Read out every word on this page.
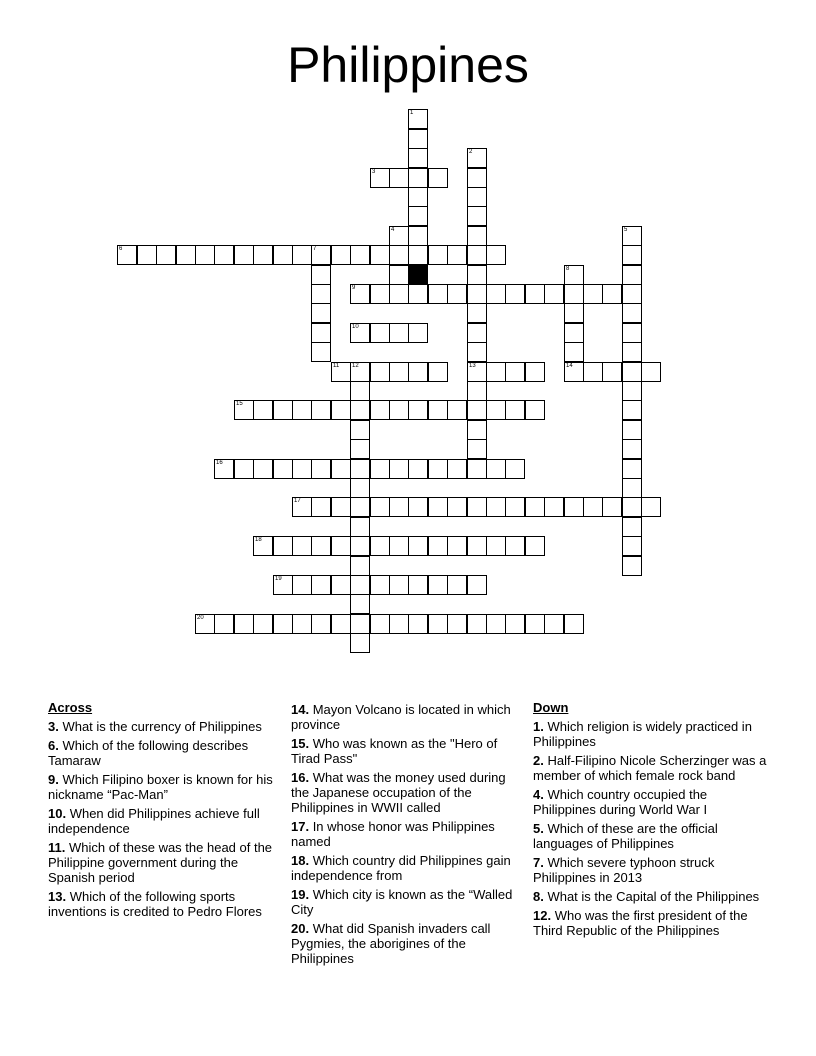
Philippines
3
6	7
9
10
11 12	13	14
15
16
17
18
19
20
1
2
4	5
8
Across
3. What is the currency of Philippines
6. Which of the following describes Tamaraw
9. Which Filipino boxer is known for his nickname “Pac-Man”
10. When did Philippines achieve full independence
11. Which of these was the head of the Philippine government during the Spanish period
13. Which of the following sports inventions is credited to Pedro Flores
14. Mayon Volcano is located in which province
15. Who was known as the "Hero of Tirad Pass"
16. What was the money used during the Japanese occupation of the Philippines in WWII called
17. In whose honor was Philippines named
18. Which country did Philippines gain independence from
19. Which city is known as the “Walled City
20. What did Spanish invaders call Pygmies, the aborigines of the Philippines
Down
1. Which religion is widely practiced in Philippines
2. Half-Filipino Nicole Scherzinger was a member of which female rock band
4. Which country occupied the Philippines during World War I
5. Which of these are the official languages of Philippines
7. Which severe typhoon struck Philippines in 2013
8. What is the Capital of the Philippines
12. Who was the first president of the Third Republic of the Philippines
